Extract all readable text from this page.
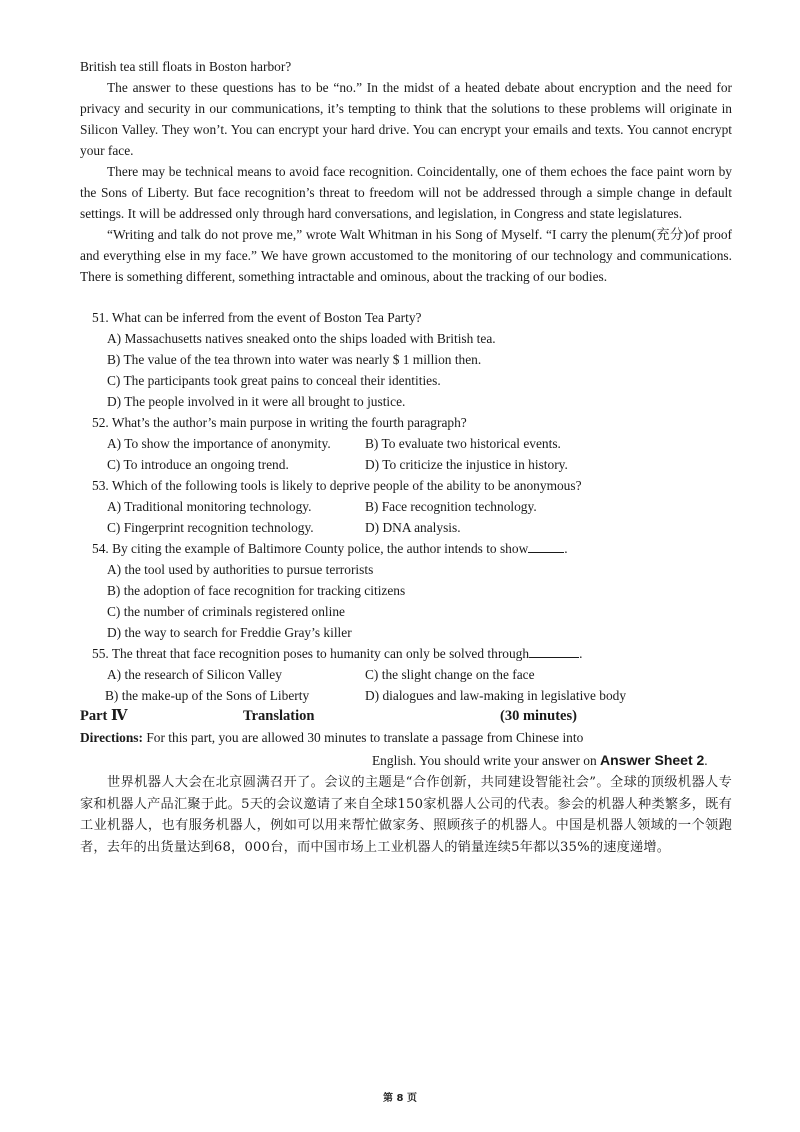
British tea still floats in Boston harbor?

The answer to these questions has to be “no.” In the midst of a heated debate about encryption and the need for privacy and security in our communications, it’s tempting to think that the solutions to these problems will originate in Silicon Valley. They won’t. You can encrypt your hard drive. You can encrypt your emails and texts. You cannot encrypt your face.

There may be technical means to avoid face recognition. Coincidentally, one of them echoes the face paint worn by the Sons of Liberty. But face recognition’s threat to freedom will not be addressed through a simple change in default settings. It will be addressed only through hard conversations, and legislation, in Congress and state legislatures.

“Writing and talk do not prove me,” wrote Walt Whitman in his Song of Myself. “I carry the plenum(充分)of proof and everything else in my face.” We have grown accustomed to the monitoring of our technology and communications. There is something different, something intractable and ominous, about the tracking of our bodies.

51. What can be inferred from the event of Boston Tea Party?
A) Massachusetts natives sneaked onto the ships loaded with British tea.
B) The value of the tea thrown into water was nearly $ 1 million then.
C) The participants took great pains to conceal their identities.
D) The people involved in it were all brought to justice.
52. What’s the author’s main purpose in writing the fourth paragraph?
A) To show the importance of anonymity.	B) To evaluate two historical events.
C) To introduce an ongoing trend.	D) To criticize the injustice in history.
53. Which of the following tools is likely to deprive people of the ability to be anonymous?
A) Traditional monitoring technology.	B) Face recognition technology.
C) Fingerprint recognition technology.	D) DNA analysis.
54. By citing the example of Baltimore County police, the author intends to show	.
A) the tool used by authorities to pursue terrorists
B) the adoption of face recognition for tracking citizens
C) the number of criminals registered online
D) the way to search for Freddie Gray’s killer
55. The threat that face recognition poses to humanity can only be solved through	.
A) the research of Silicon Valley	C) the slight change on the face
B) the make-up of the Sons of Liberty	D) dialogues and law-making in legislative body
Part Ⅳ	Translation	(30 minutes)

Directions: For this part, you are allowed 30 minutes to translate a passage from Chinese into

English. You should write your answer on Answer Sheet 2.

世界机器人大会在北京圆满召开了。会议的主题是“合作创新，共同建设智能社会”。全球的顶级机器人专家和机器人产品汇聚于此。5天的会议邀请了来自全球150家机器人公司的代表。参会的机器人种类繁多，既有工业机器人，也有服务机器人，例如可以用来帮忙做家务、照顾孩子的机器人。中国是机器人领域的一个领跑者，去年的出货量达到68，000台，而中国市场上工业机器人的销量连续5年都以35%的速度递增。

第 8 页
